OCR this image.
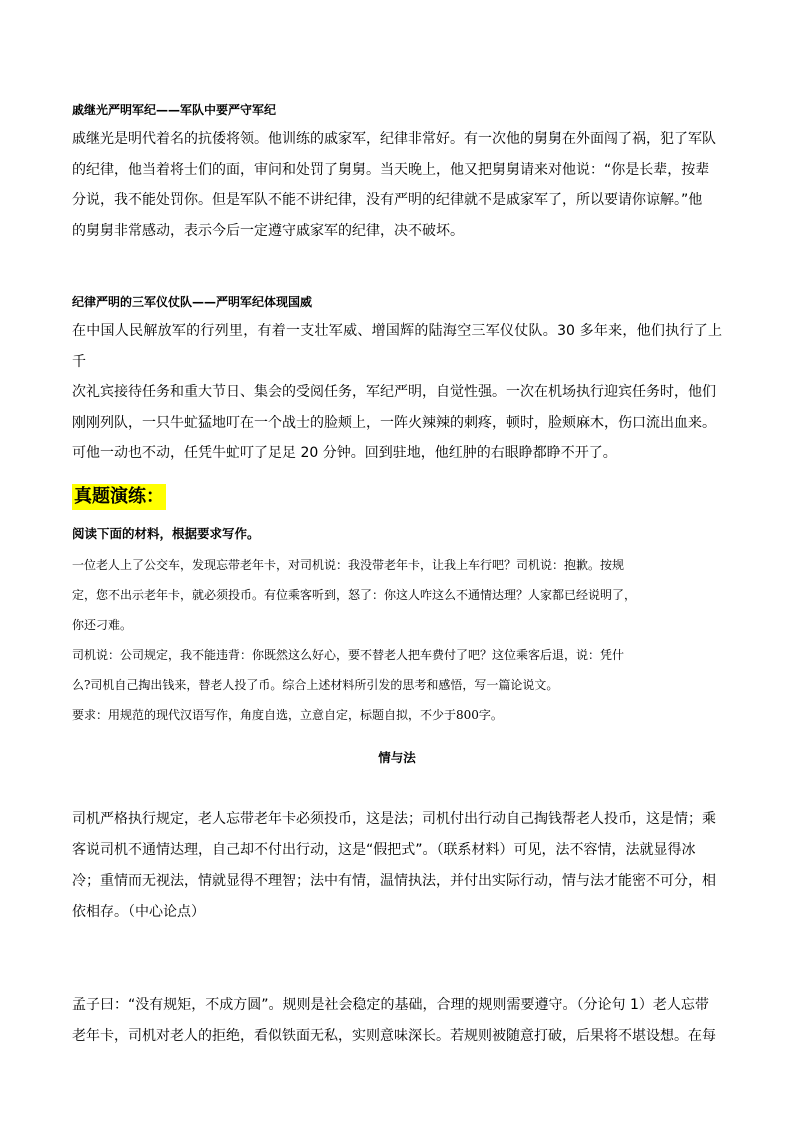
戚继光严明军纪——军队中要严守军纪

戚继光是明代着名的抗倭将领。他训练的戚家军，纪律非常好。有一次他的舅舅在外面闯了祸，犯了军队

的纪律，他当着将士们的面，审问和处罚了舅舅。当天晚上，他又把舅舅请来对他说：“你是长辈，按辈

分说，我不能处罚你。但是军队不能不讲纪律，没有严明的纪律就不是戚家军了，所以要请你谅解。”他

的舅舅非常感动，表示今后一定遵守戚家军的纪律，决不破坏。

纪律严明的三军仪仗队——严明军纪体现国威

在中国人民解放军的行列里，有着一支壮军威、增国辉的陆海空三军仪仗队。30 多年来，他们执行了上千

次礼宾接待任务和重大节日、集会的受阅任务，军纪严明，自觉性强。一次在机场执行迎宾任务时，他们

刚刚列队，一只牛虻猛地叮在一个战士的脸颊上，一阵火辣辣的刺疼，顿时，脸颊麻木，伤口流出血来。

可他一动也不动，任凭牛虻叮了足足 20 分钟。回到驻地，他红肿的右眼睁都睁不开了。

真题演练：

阅读下面的材料，根据要求写作。

一位老人上了公交车，发现忘带老年卡，对司机说：我没带老年卡，让我上车行吧？司机说：抱歉。按规

定，您不出示老年卡，就必须投币。有位乘客听到，怒了：你这人咋这么不通情达理？人家都已经说明了，

你还刁难。

司机说：公司规定，我不能违背：你既然这么好心，要不替老人把车费付了吧？这位乘客后退，说：凭什

么?司机自己掏出钱来，替老人投了币。综合上述材料所引发的思考和感悟，写一篇论说文。

要求：用规范的现代汉语写作，角度自选，立意自定，标题自拟，不少于800字。

情与法

司机严格执行规定，老人忘带老年卡必须投币，这是法；司机付出行动自己掏钱帮老人投币，这是情；乘

客说司机不通情达理，自己却不付出行动，这是“假把式”。（联系材料）可见，法不容情，法就显得冰

冷；重情而无视法，情就显得不理智；法中有情，温情执法，并付出实际行动，情与法才能密不可分，相

依相存。（中心论点）

孟子曰：“没有规矩，不成方圆”。规则是社会稳定的基础，合理的规则需要遵守。（分论句 1）老人忘带

老年卡，司机对老人的拒绝，看似铁面无私，实则意味深长。若规则被随意打破，后果将不堪设想。在每
